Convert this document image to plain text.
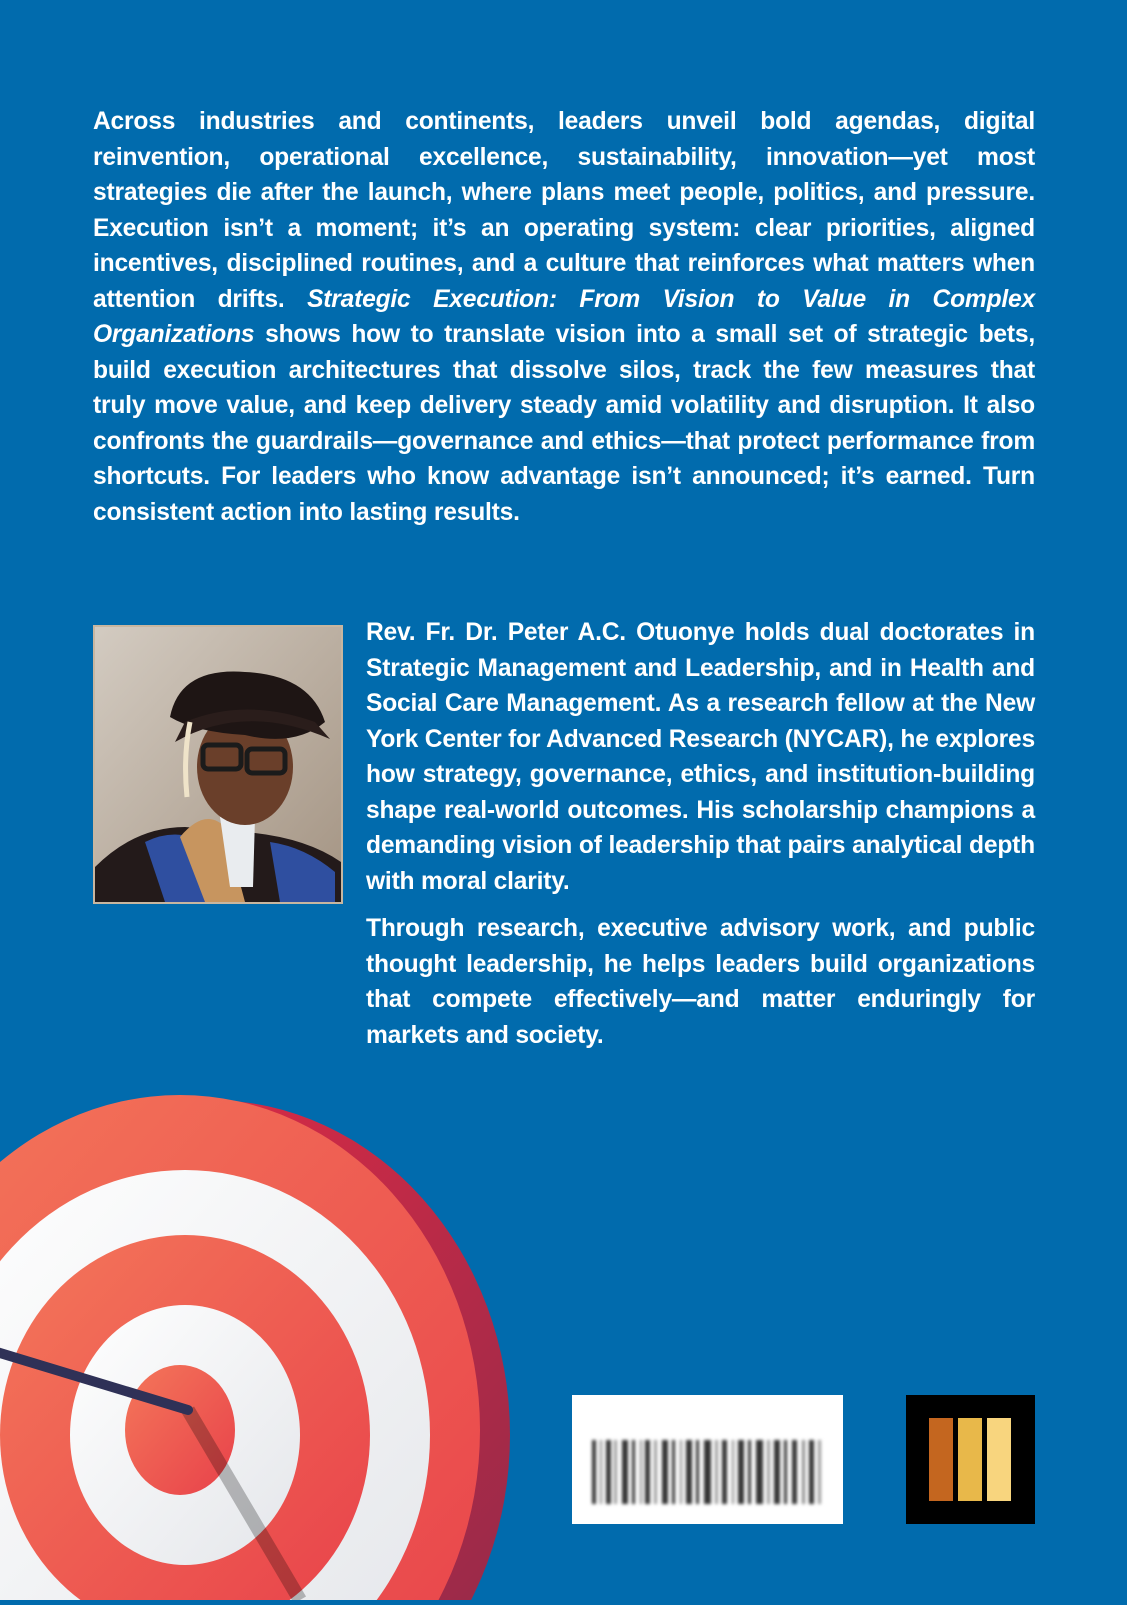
Across industries and continents, leaders unveil bold agendas, digital reinvention, operational excellence, sustainability, innovation—yet most strategies die after the launch, where plans meet people, politics, and pressure. Execution isn’t a moment; it’s an operating system: clear priorities, aligned incentives, disciplined routines, and a culture that reinforces what matters when attention drifts. Strategic Execution: From Vision to Value in Complex Organizations shows how to translate vision into a small set of strategic bets, build execution architectures that dissolve silos, track the few measures that truly move value, and keep delivery steady amid volatility and disruption. It also confronts the guardrails—governance and ethics—that protect performance from shortcuts. For leaders who know advantage isn’t announced; it’s earned. Turn consistent action into lasting results.

Rev. Fr. Dr. Peter A.C. Otuonye holds dual doctorates in Strategic Management and Leadership, and in Health and Social Care Management. As a research fellow at the New York Center for Advanced Research (NYCAR), he explores how strategy, governance, ethics, and institution-building shape real-world outcomes. His scholarship champions a demanding vision of leadership that pairs analytical depth with moral clarity.

Through research, executive advisory work, and public thought leadership, he helps leaders build organizations that compete effectively—and matter enduringly for markets and society.
